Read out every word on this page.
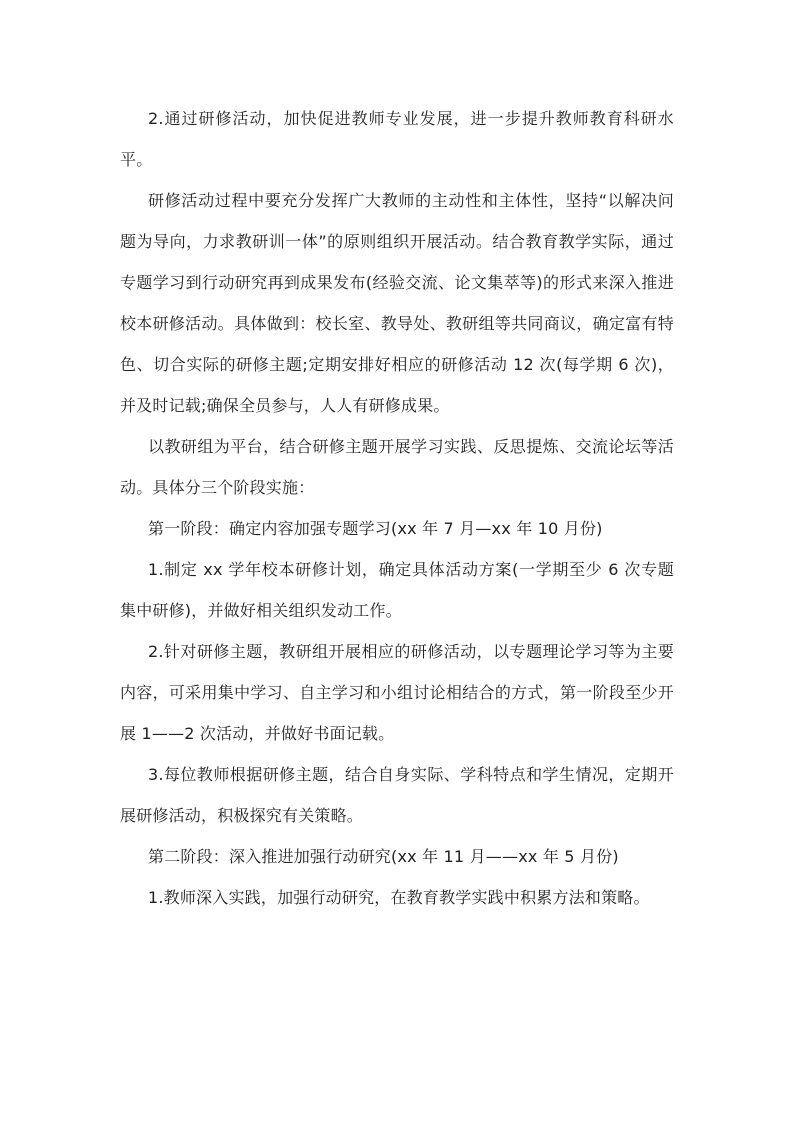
2.通过研修活动，加快促进教师专业发展，进一步提升教师教育科研水平。

研修活动过程中要充分发挥广大教师的主动性和主体性，坚持“以解决问题为导向，力求教研训一体”的原则组织开展活动。结合教育教学实际，通过专题学习到行动研究再到成果发布(经验交流、论文集萃等)的形式来深入推进校本研修活动。具体做到：校长室、教导处、教研组等共同商议，确定富有特色、切合实际的研修主题;定期安排好相应的研修活动 12 次(每学期 6 次)，并及时记载;确保全员参与，人人有研修成果。

以教研组为平台，结合研修主题开展学习实践、反思提炼、交流论坛等活动。具体分三个阶段实施：

第一阶段：确定内容加强专题学习(xx 年 7 月—xx 年 10 月份)

1.制定 xx 学年校本研修计划，确定具体活动方案(一学期至少 6 次专题集中研修)，并做好相关组织发动工作。

2.针对研修主题，教研组开展相应的研修活动，以专题理论学习等为主要内容，可采用集中学习、自主学习和小组讨论相结合的方式，第一阶段至少开展 1——2 次活动，并做好书面记载。

3.每位教师根据研修主题，结合自身实际、学科特点和学生情况，定期开展研修活动，积极探究有关策略。

第二阶段：深入推进加强行动研究(xx 年 11 月——xx 年 5 月份)

1.教师深入实践，加强行动研究，在教育教学实践中积累方法和策略。
